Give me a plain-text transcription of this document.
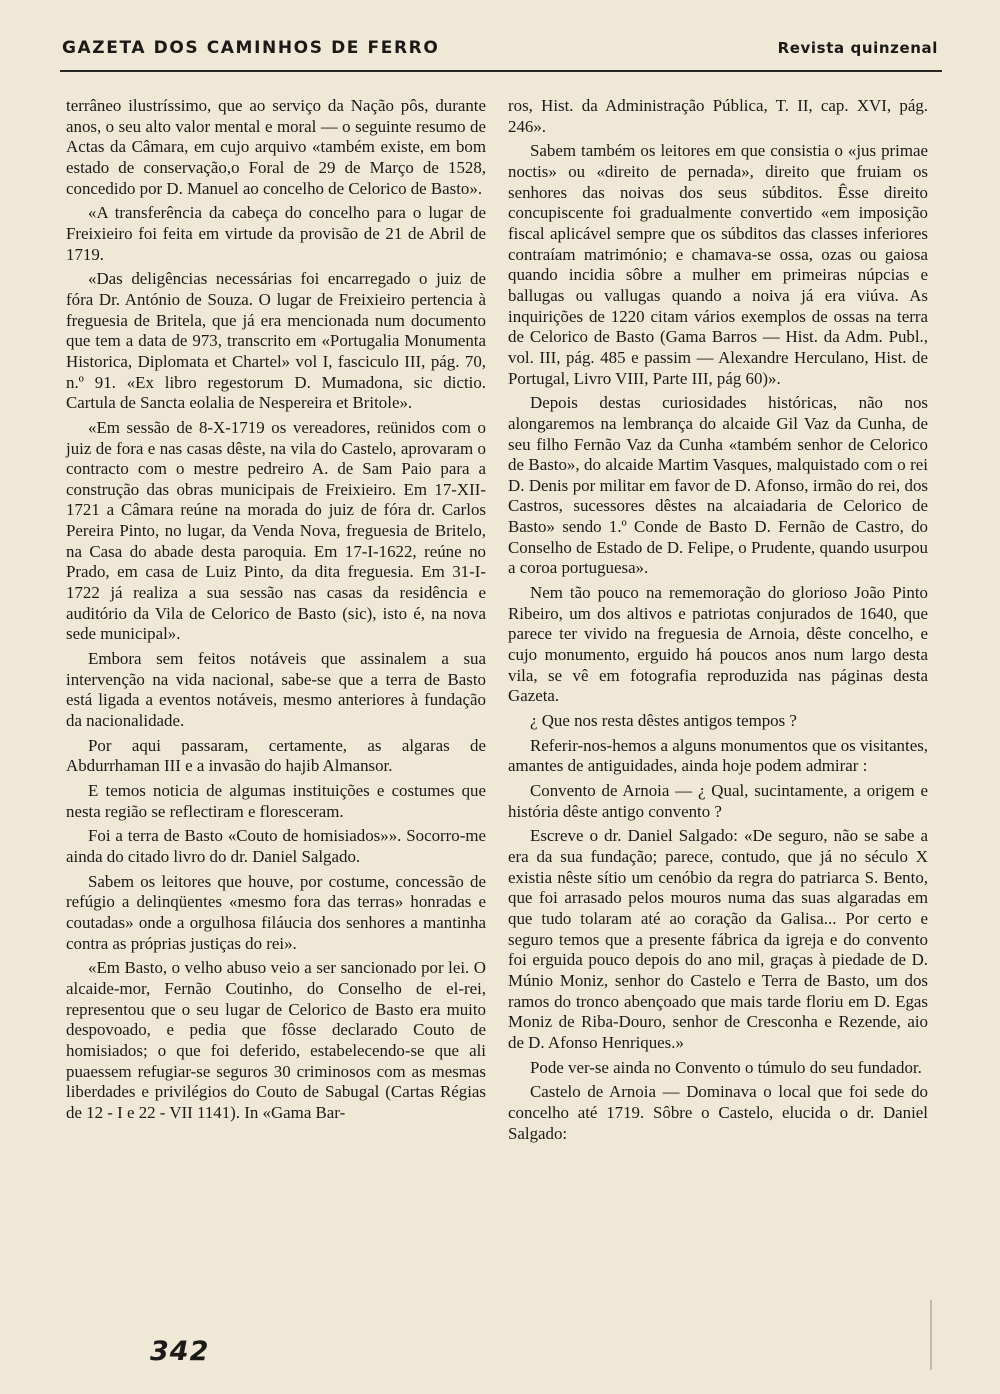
GAZETA DOS CAMINHOS DE FERRO	Revista quinzenal

terrâneo ilustríssimo, que ao serviço da Nação pôs, durante anos, o seu alto valor mental e moral — o seguinte resumo de Actas da Câmara, em cujo arquivo «também existe, em bom estado de conservação,o Foral de 29 de Março de 1528, concedido por D. Manuel ao concelho de Celorico de Basto».

«A transferência da cabeça do concelho para o lugar de Freixieiro foi feita em virtude da provisão de 21 de Abril de 1719.

«Das deligências necessárias foi encarregado o juiz de fóra Dr. António de Souza. O lugar de Freixieiro pertencia à freguesia de Britela, que já era mencionada num documento que tem a data de 973, transcrito em «Portugalia Monumenta Historica, Diplomata et Chartel» vol I, fasciculo III, pág. 70, n.º 91. «Ex libro regestorum D. Mumadona, sic dictio. Cartula de Sancta eolalia de Nespereira et Britole».

«Em sessão de 8-X-1719 os vereadores, reünidos com o juiz de fora e nas casas dêste, na vila do Castelo, aprovaram o contracto com o mestre pedreiro A. de Sam Paio para a construção das obras municipais de Freixieiro. Em 17-XII-1721 a Câmara reúne na morada do juiz de fóra dr. Carlos Pereira Pinto, no lugar, da Venda Nova, freguesia de Britelo, na Casa do abade desta paroquia. Em 17-I-1622, reúne no Prado, em casa de Luiz Pinto, da dita freguesia. Em 31-I-1722 já realiza a sua sessão nas casas da residência e auditório da Vila de Celorico de Basto (sic), isto é, na nova sede municipal».

Embora sem feitos notáveis que assinalem a sua intervenção na vida nacional, sabe-se que a terra de Basto está ligada a eventos notáveis, mesmo anteriores à fundação da nacionalidade.

Por aqui passaram, certamente, as algaras de Abdurrhaman III e a invasão do hajib Almansor.

E temos noticia de algumas instituições e costumes que nesta região se reflectiram e floresceram.

Foi a terra de Basto «Couto de homisiados»». Socorro-me ainda do citado livro do dr. Daniel Salgado.

Sabem os leitores que houve, por costume, concessão de refúgio a delinqüentes «mesmo fora das terras» honradas e coutadas» onde a orgulhosa filáucia dos senhores a mantinha contra as próprias justiças do rei».

«Em Basto, o velho abuso veio a ser sancionado por lei. O alcaide-mor, Fernão Coutinho, do Conselho de el-rei, representou que o seu lugar de Celorico de Basto era muito despovoado, e pedia que fôsse declarado Couto de homisiados; o que foi deferido, estabelecendo-se que ali puaessem refugiar-se seguros 30 criminosos com as mesmas liberdades e privilégios do Couto de Sabugal (Cartas Régias de 12 - I e 22 - VII 1141). In «Gama Bar-

ros, Hist. da Administração Pública, T. II, cap. XVI, pág. 246».

Sabem também os leitores em que consistia o «jus primae noctis» ou «direito de pernada», direito que fruiam os senhores das noivas dos seus súbditos. Êsse direito concupiscente foi gradualmente convertido «em imposição fiscal aplicável sempre que os súbditos das classes inferiores contraíam matrimónio; e chamava-se ossa, ozas ou gaiosa quando incidia sôbre a mulher em primeiras núpcias e ballugas ou vallugas quando a noiva já era viúva. As inquirições de 1220 citam vários exemplos de ossas na terra de Celorico de Basto (Gama Barros — Hist. da Adm. Publ., vol. III, pág. 485 e passim — Alexandre Herculano, Hist. de Portugal, Livro VIII, Parte III, pág 60)».

Depois destas curiosidades históricas, não nos alongaremos na lembrança do alcaide Gil Vaz da Cunha, de seu filho Fernão Vaz da Cunha «também senhor de Celorico de Basto», do alcaide Martim Vasques, malquistado com o rei D. Denis por militar em favor de D. Afonso, irmão do rei, dos Castros, sucessores dêstes na alcaiadaria de Celorico de Basto» sendo 1.º Conde de Basto D. Fernão de Castro, do Conselho de Estado de D. Felipe, o Prudente, quando usurpou a coroa portuguesa».

Nem tão pouco na rememoração do glorioso João Pinto Ribeiro, um dos altivos e patriotas conjurados de 1640, que parece ter vivido na freguesia de Arnoia, dêste concelho, e cujo monumento, erguido há poucos anos num largo desta vila, se vê em fotografia reproduzida nas páginas desta Gazeta.

¿ Que nos resta dêstes antigos tempos ?

Referir-nos-hemos a alguns monumentos que os visitantes, amantes de antiguidades, ainda hoje podem admirar :

Convento de Arnoia — ¿ Qual, sucintamente, a origem e história dêste antigo convento ?

Escreve o dr. Daniel Salgado: «De seguro, não se sabe a era da sua fundação; parece, contudo, que já no século X existia nêste sítio um cenóbio da regra do patriarca S. Bento, que foi arrasado pelos mouros numa das suas algaradas em que tudo tolaram até ao coração da Galisa... Por certo e seguro temos que a presente fábrica da igreja e do convento foi erguida pouco depois do ano mil, graças à piedade de D. Múnio Moniz, senhor do Castelo e Terra de Basto, um dos ramos do tronco abençoado que mais tarde floriu em D. Egas Moniz de Riba-Douro, senhor de Cresconha e Rezende, aio de D. Afonso Henriques.»

Pode ver-se ainda no Convento o túmulo do seu fundador.

Castelo de Arnoia — Dominava o local que foi sede do concelho até 1719. Sôbre o Castelo, elucida o dr. Daniel Salgado:

342
